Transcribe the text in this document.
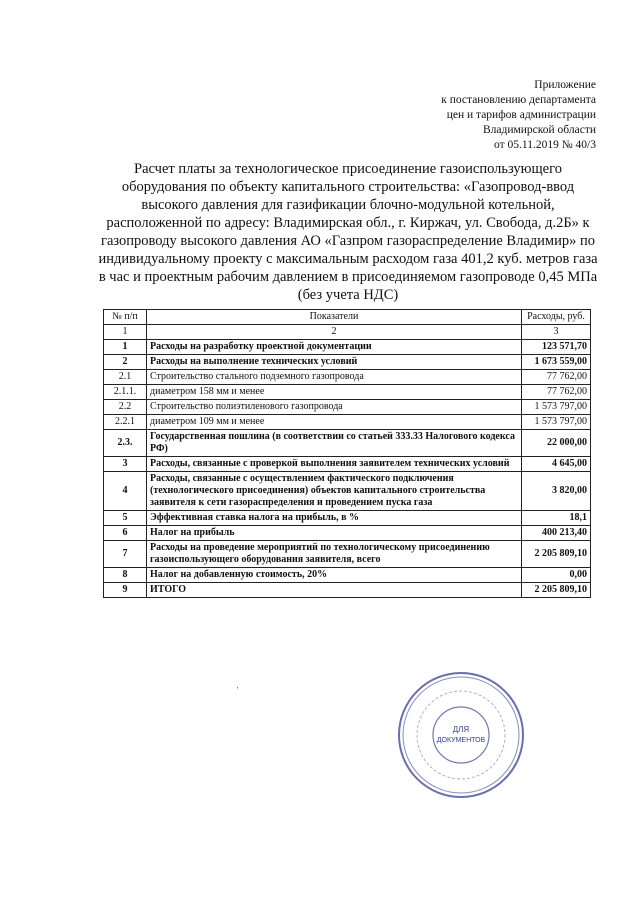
Приложение
к постановлению департамента
цен и тарифов администрации
Владимирской области
от 05.11.2019 № 40/3
Расчет платы за технологическое присоединение газоиспользующего
оборудования по объекту капитального строительства: «Газопровод-ввод
высокого давления для газификации блочно-модульной котельной,
расположенной по адресу: Владимирская обл., г. Киржач, ул. Свобода, д.2Б» к
газопроводу высокого давления АО «Газпром газораспределение Владимир» по
индивидуальному проекту с максимальным расходом газа 401,2 куб. метров газа
в час и проектным рабочим давлением в присоединяемом газопроводе 0,45 МПа
(без учета НДС)
№ п/п	Показатели	Расходы, руб.
1	2	3
1	Расходы на разработку проектной документации	123 571,70
2	Расходы на выполнение технических условий	1 673 559,00
2.1	Строительство стального подземного газопровода	77 762,00
2.1.1.	диаметром 158 мм и менее	77 762,00
2.2	Строительство полиэтиленового газопровода	1 573 797,00
2.2.1	диаметром 109 мм и менее	1 573 797,00
2.3.	Государственная пошлина (в соответствии со статьей 333.33 Налогового кодекса РФ)	22 000,00
3	Расходы, связанные с проверкой выполнения заявителем технических условий	4 645,00
4	Расходы, связанные с осуществлением фактического подключения (технологического присоединения) объектов капитального строительства заявителя к сети газораспределения и проведением пуска газа	3 820,00
5	Эффективная ставка налога на прибыль, в %	18,1
6	Налог на прибыль	400 213,40
7	Расходы на проведение мероприятий по технологическому присоединению газоиспользующего оборудования заявителя, всего	2 205 809,10
8	Налог на добавленную стоимость, 20%	0,00
9	ИТОГО	2 205 809,10
ˈ
ДЛЯ
ДОКУМЕНТОВ
